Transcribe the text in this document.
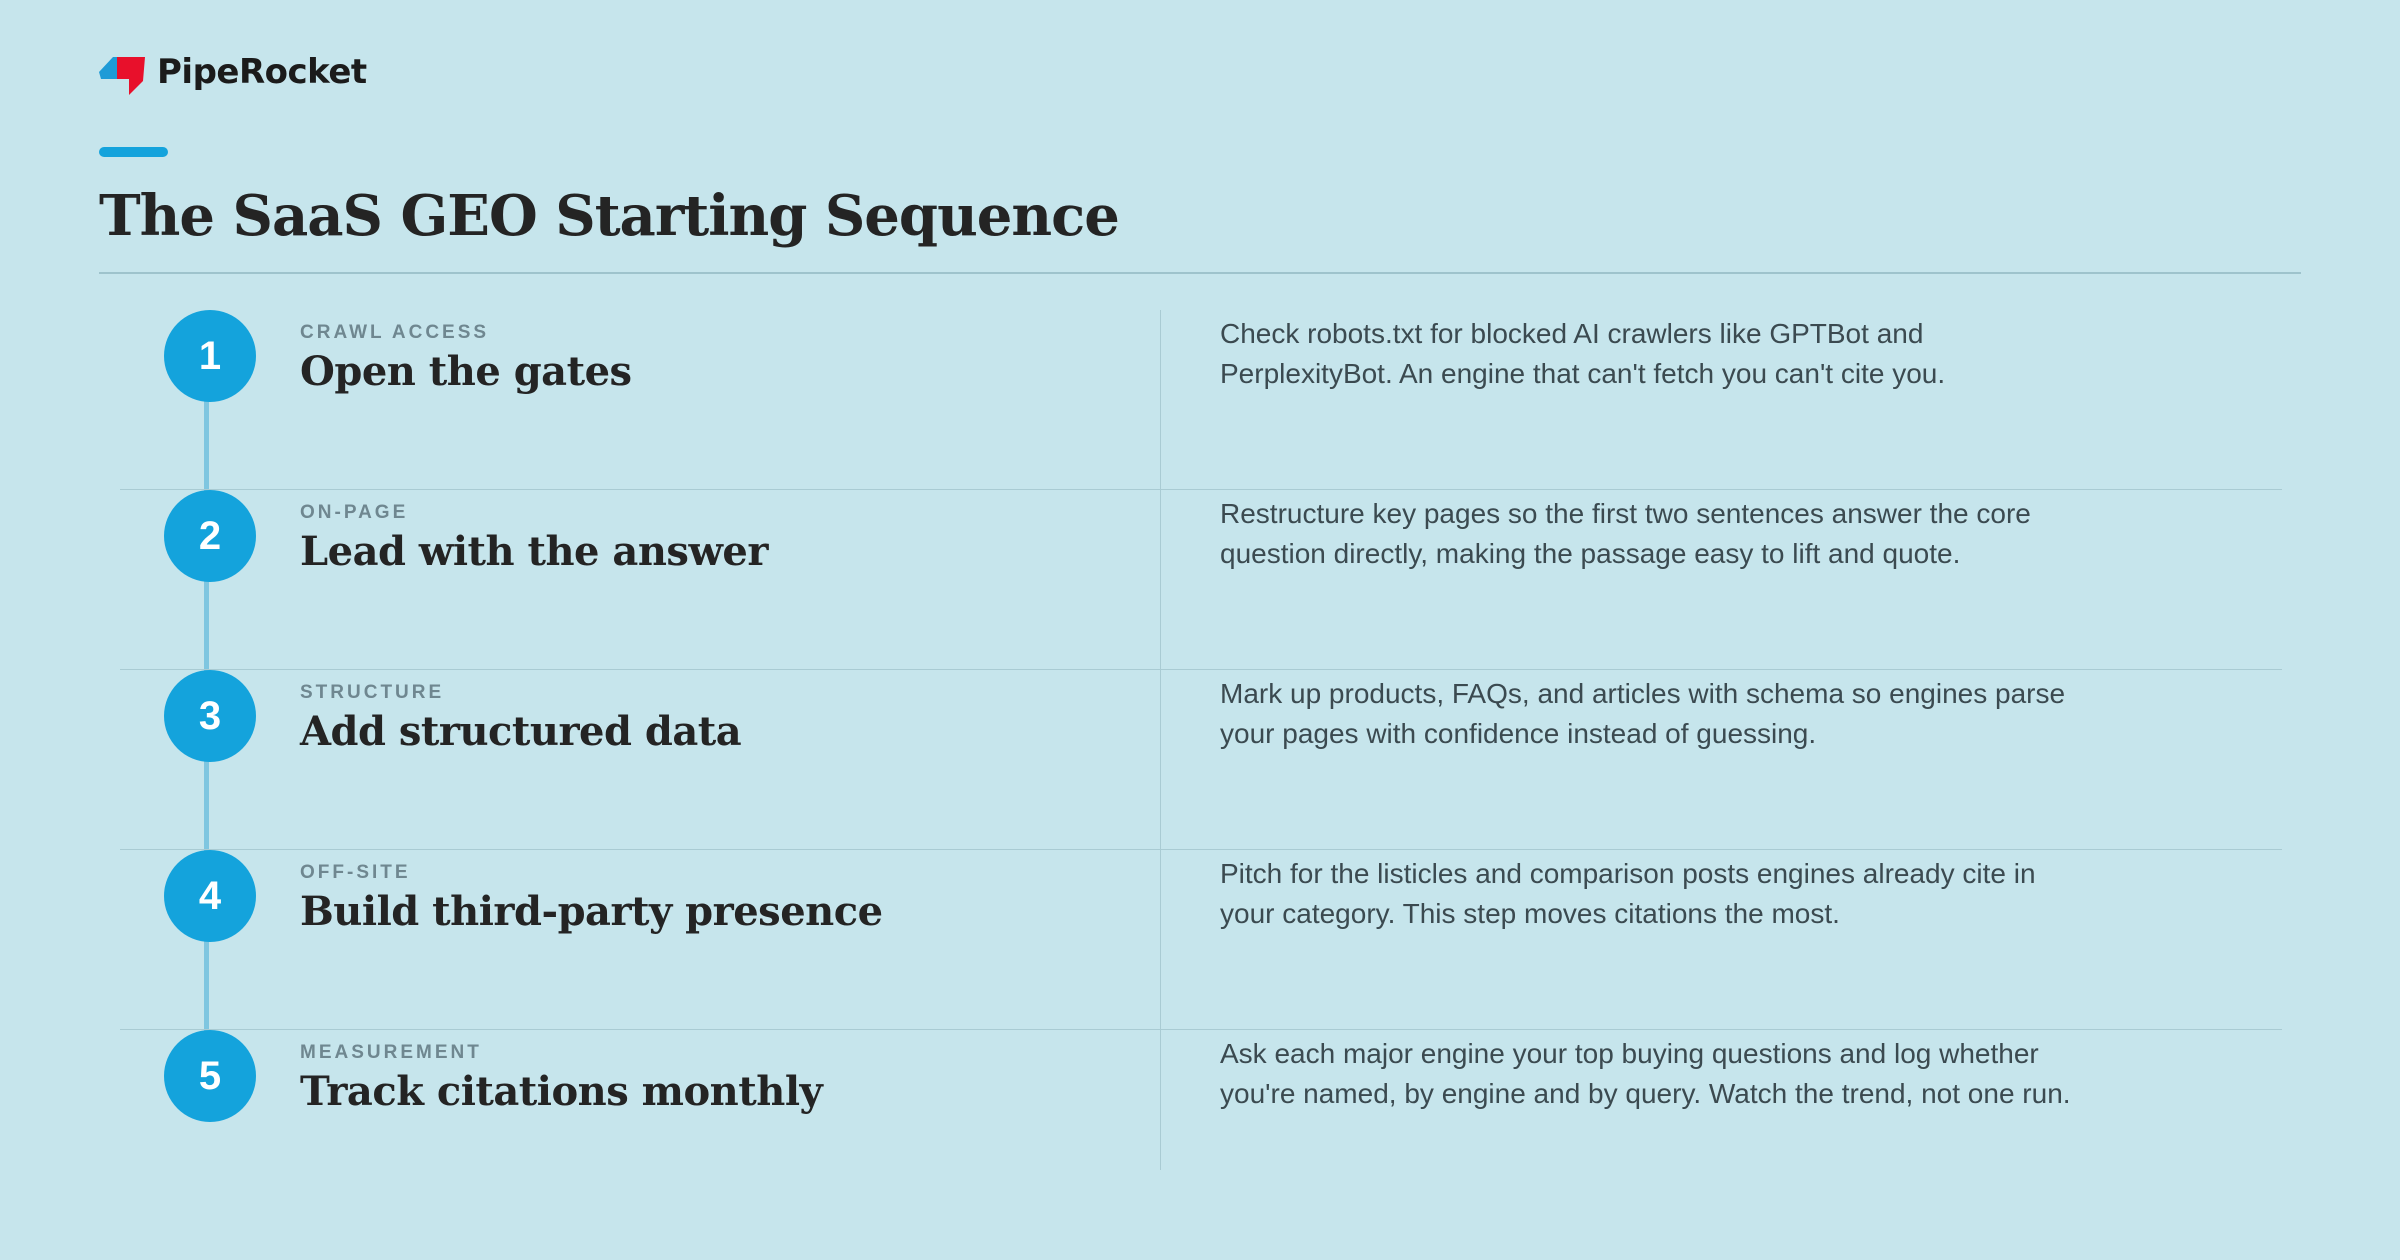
PipeRocket
The SaaS GEO Starting Sequence
1
CRAWL ACCESS
Open the gates
Check robots.txt for blocked AI crawlers like GPTBot and PerplexityBot. An engine that can't fetch you can't cite you.
2
ON-PAGE
Lead with the answer
Restructure key pages so the first two sentences answer the core question directly, making the passage easy to lift and quote.
3
STRUCTURE
Add structured data
Mark up products, FAQs, and articles with schema so engines parse your pages with confidence instead of guessing.
4
OFF-SITE
Build third-party presence
Pitch for the listicles and comparison posts engines already cite in your category. This step moves citations the most.
5
MEASUREMENT
Track citations monthly
Ask each major engine your top buying questions and log whether you're named, by engine and by query. Watch the trend, not one run.
